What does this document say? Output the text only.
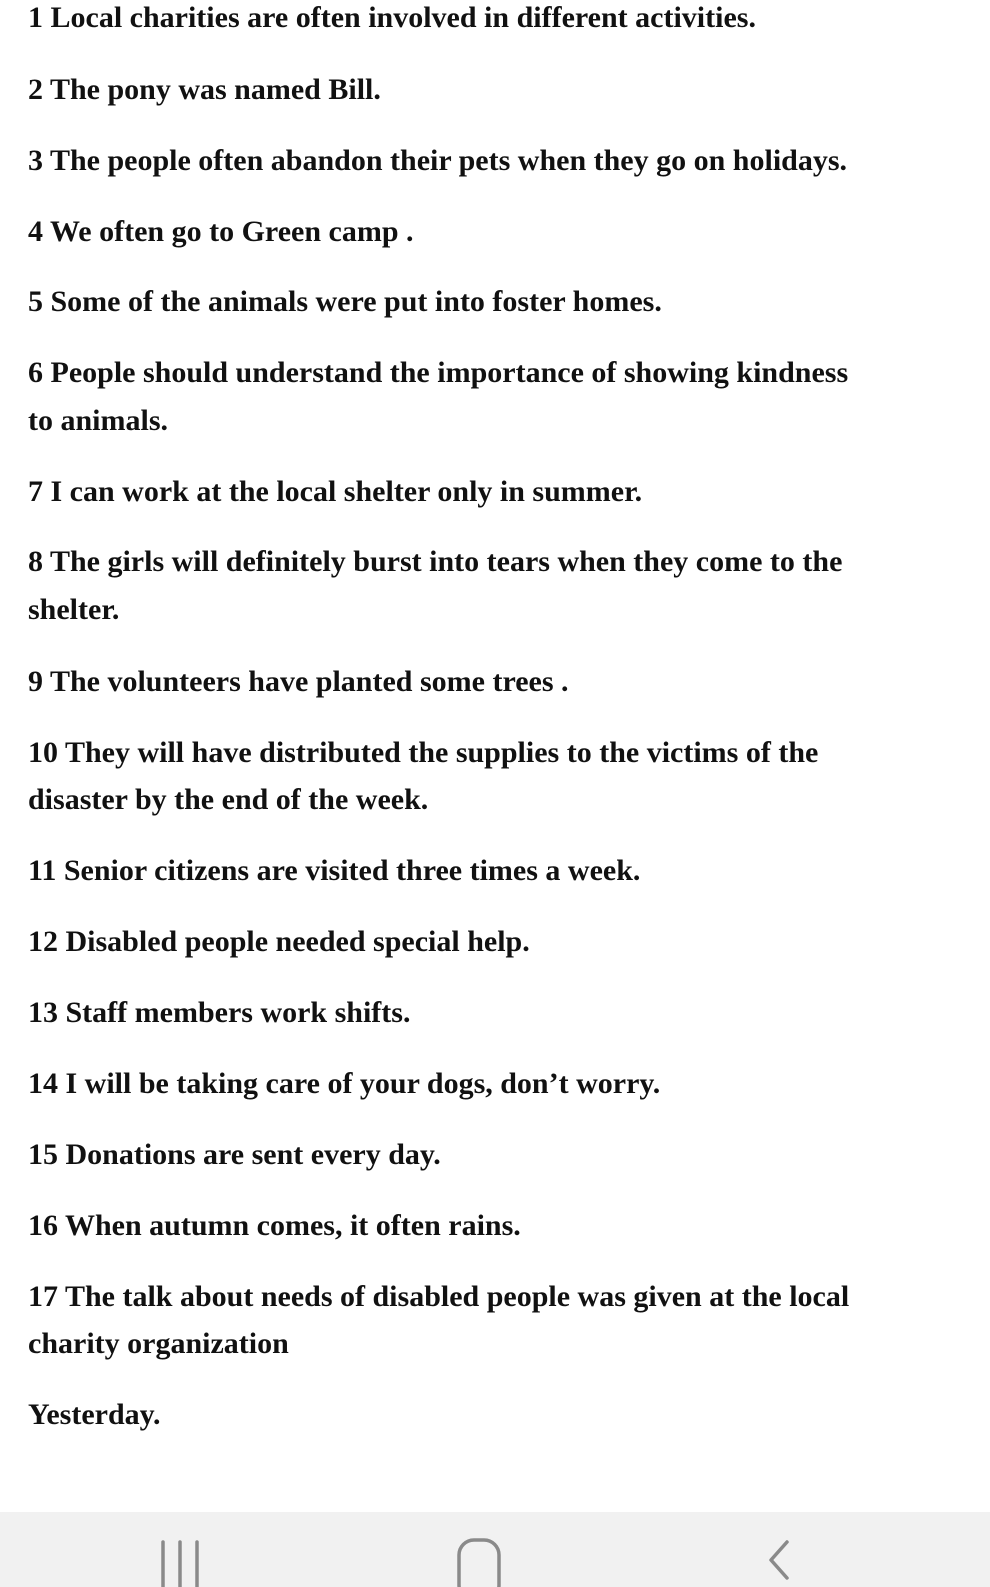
1 Local charities are often involved in different activities.
2 The pony was named Bill.
3 The people often abandon their pets when they go on holidays.
4 We often go to Green camp .
5 Some of the animals were put into foster homes.
6 People should understand the importance of showing kindness
to animals.
7 I can work at the local shelter only in summer.
8 The girls will definitely burst into tears when they come to the
shelter.
9 The volunteers have planted some trees .
10 They will have distributed the supplies to the victims of the
disaster by the end of the week.
11 Senior citizens are visited three times a week.
12 Disabled people needed special help.
13 Staff members work shifts.
14 I will be taking care of your dogs, don’t worry.
15 Donations are sent every day.
16 When autumn comes, it often rains.
17 The talk about needs of disabled people was given at the local
charity organization
Yesterday.
